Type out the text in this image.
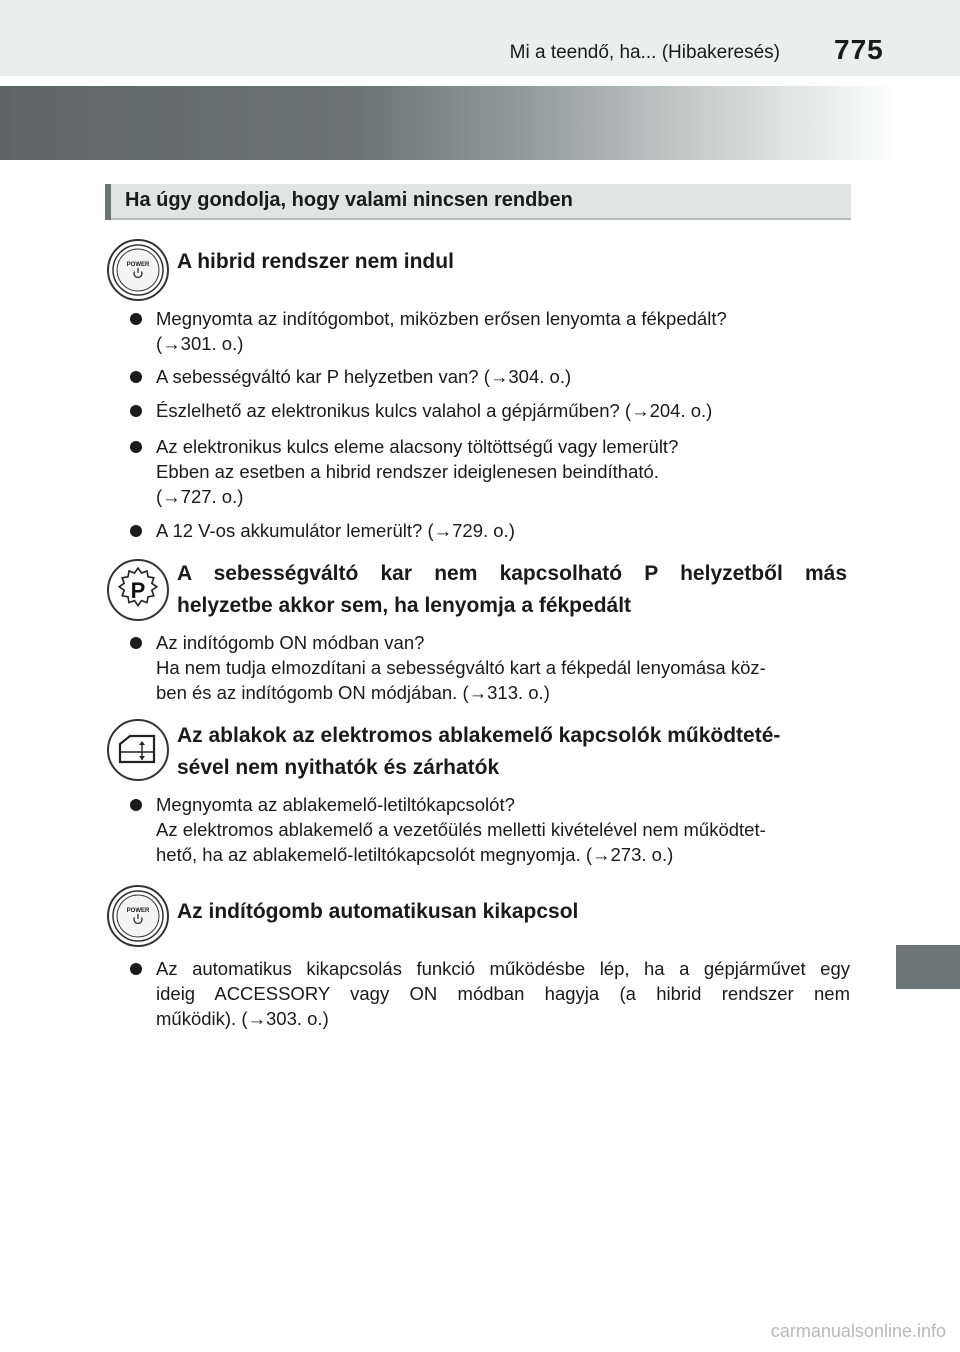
Mi a teendő, ha... (Hibakeresés) 775
Ha úgy gondolja, hogy valami nincsen rendben
POWER A hibrid rendszer nem indul
Megnyomta az indítógombot, miközben erősen lenyomta a fékpedált?
(→301. o.)
A sebességváltó kar P helyzetben van? (→304. o.)
Észlelhető az elektronikus kulcs valahol a gépjárműben? (→204. o.)
Az elektronikus kulcs eleme alacsony töltöttségű vagy lemerült?
Ebben az esetben a hibrid rendszer ideiglenesen beindítható.
(→727. o.)
A 12 V-os akkumulátor lemerült? (→729. o.)
P
A sebességváltó kar nem kapcsolható P helyzetből más
helyzetbe akkor sem, ha lenyomja a fékpedált
Az indítógomb ON módban van?
Ha nem tudja elmozdítani a sebességváltó kart a fékpedál lenyomása köz-
ben és az indítógomb ON módjában. (→313. o.)
Az ablakok az elektromos ablakemelő kapcsolók működteté-
sével nem nyithatók és zárhatók
Megnyomta az ablakemelő-letiltókapcsolót?
Az elektromos ablakemelő a vezetőülés melletti kivételével nem működtet-
hető, ha az ablakemelő-letiltókapcsolót megnyomja. (→273. o.)
POWER Az indítógomb automatikusan kikapcsol
Az automatikus kikapcsolás funkció működésbe lép, ha a gépjárművet egy
ideig ACCESSORY vagy ON módban hagyja (a hibrid rendszer nem
működik). (→303. o.)
carmanualsonline.info
